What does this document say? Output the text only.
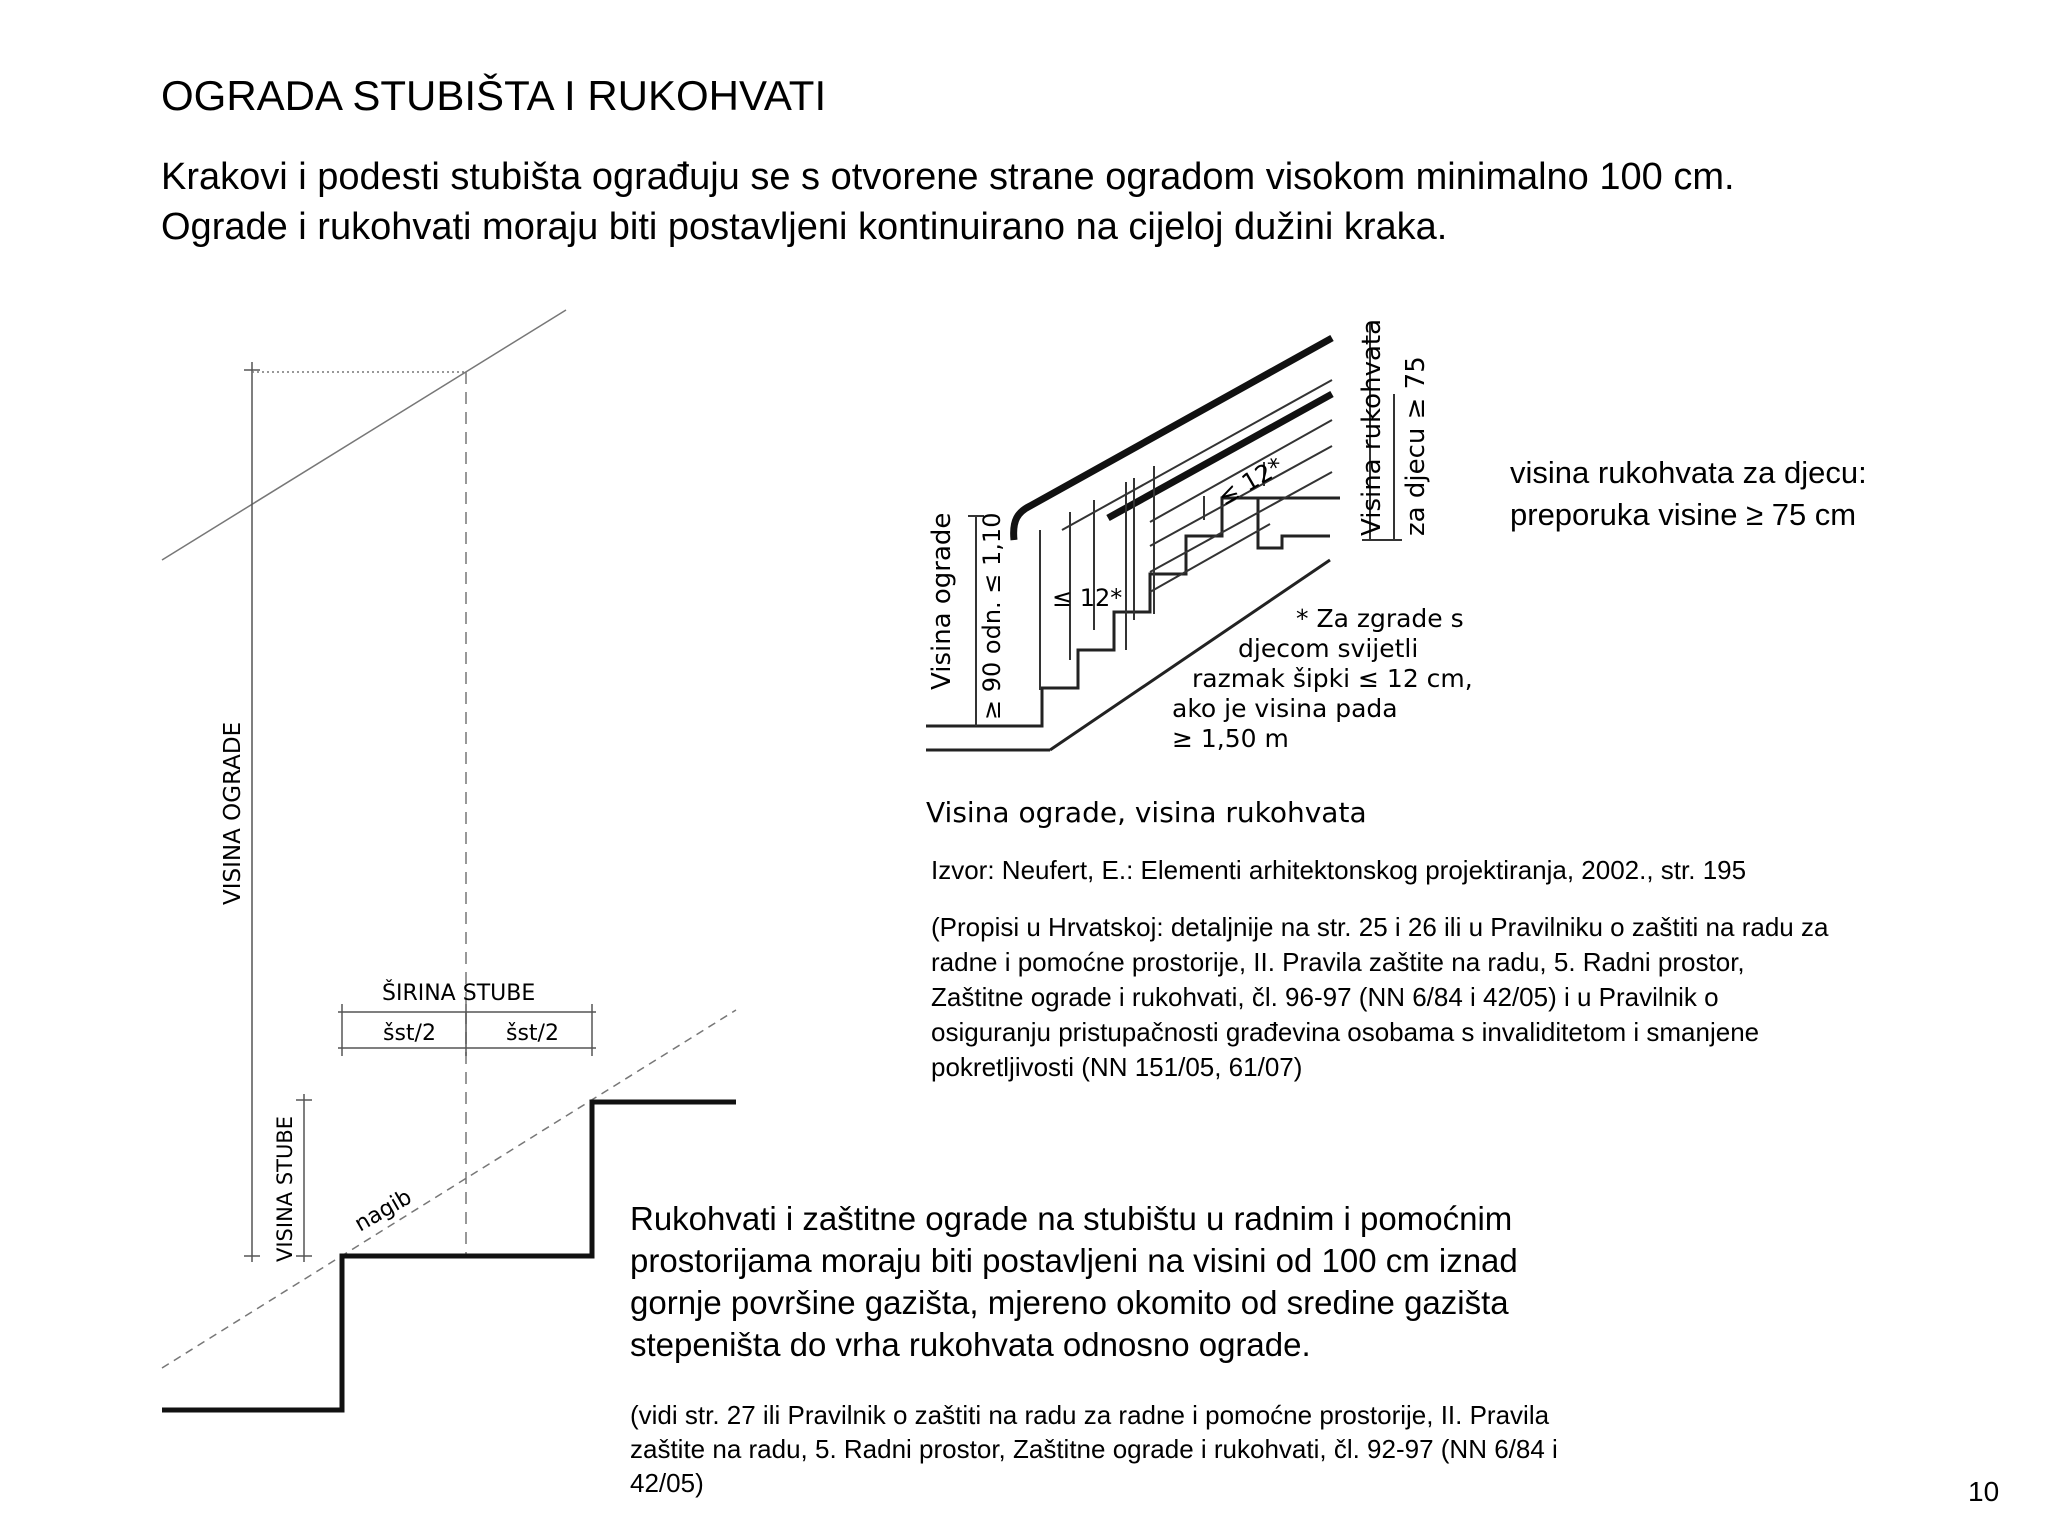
OGRADA STUBIŠTA I RUKOHVATI
Krakovi i podesti stubišta ograđuju se s otvorene strane ogradom visokom minimalno 100 cm.
Ograde i rukohvati moraju biti postavljeni kontinuirano na cijeloj dužini kraka.
VISINA OGRADE
VISINA STUBE
ŠIRINA STUBE
šst/2	šst/2
nagib
Visina ograde ≥ 90 odn. ≤ 1,10
Visina rukohvata za djecu ≥ 75
≤ 12*
≤ 12*
* Za zgrade s
djecom svijetli
razmak šipki ≤ 12 cm,
ako je visina pada
≥ 1,50 m
Visina ograde, visina rukohvata
visina rukohvata za djecu:
preporuka visine ≥ 75 cm
Izvor: Neufert, E.: Elementi arhitektonskog projektiranja, 2002., str. 195
(Propisi u Hrvatskoj: detaljnije na str. 25 i 26 ili u Pravilniku o zaštiti na radu za
radne i pomoćne prostorije, II. Pravila zaštite na radu, 5. Radni prostor,
Zaštitne ograde i rukohvati, čl. 96-97 (NN 6/84 i 42/05) i u Pravilnik o
osiguranju pristupačnosti građevina osobama s invaliditetom i smanjene
pokretljivosti (NN 151/05, 61/07)
Rukohvati i zaštitne ograde na stubištu u radnim i pomoćnim
prostorijama moraju biti postavljeni na visini od 100 cm iznad
gornje površine gazišta, mjereno okomito od sredine gazišta
stepeništa do vrha rukohvata odnosno ograde.
(vidi str. 27 ili Pravilnik o zaštiti na radu za radne i pomoćne prostorije, II. Pravila
zaštite na radu, 5. Radni prostor, Zaštitne ograde i rukohvati, čl. 92-97 (NN 6/84 i
42/05)	10
